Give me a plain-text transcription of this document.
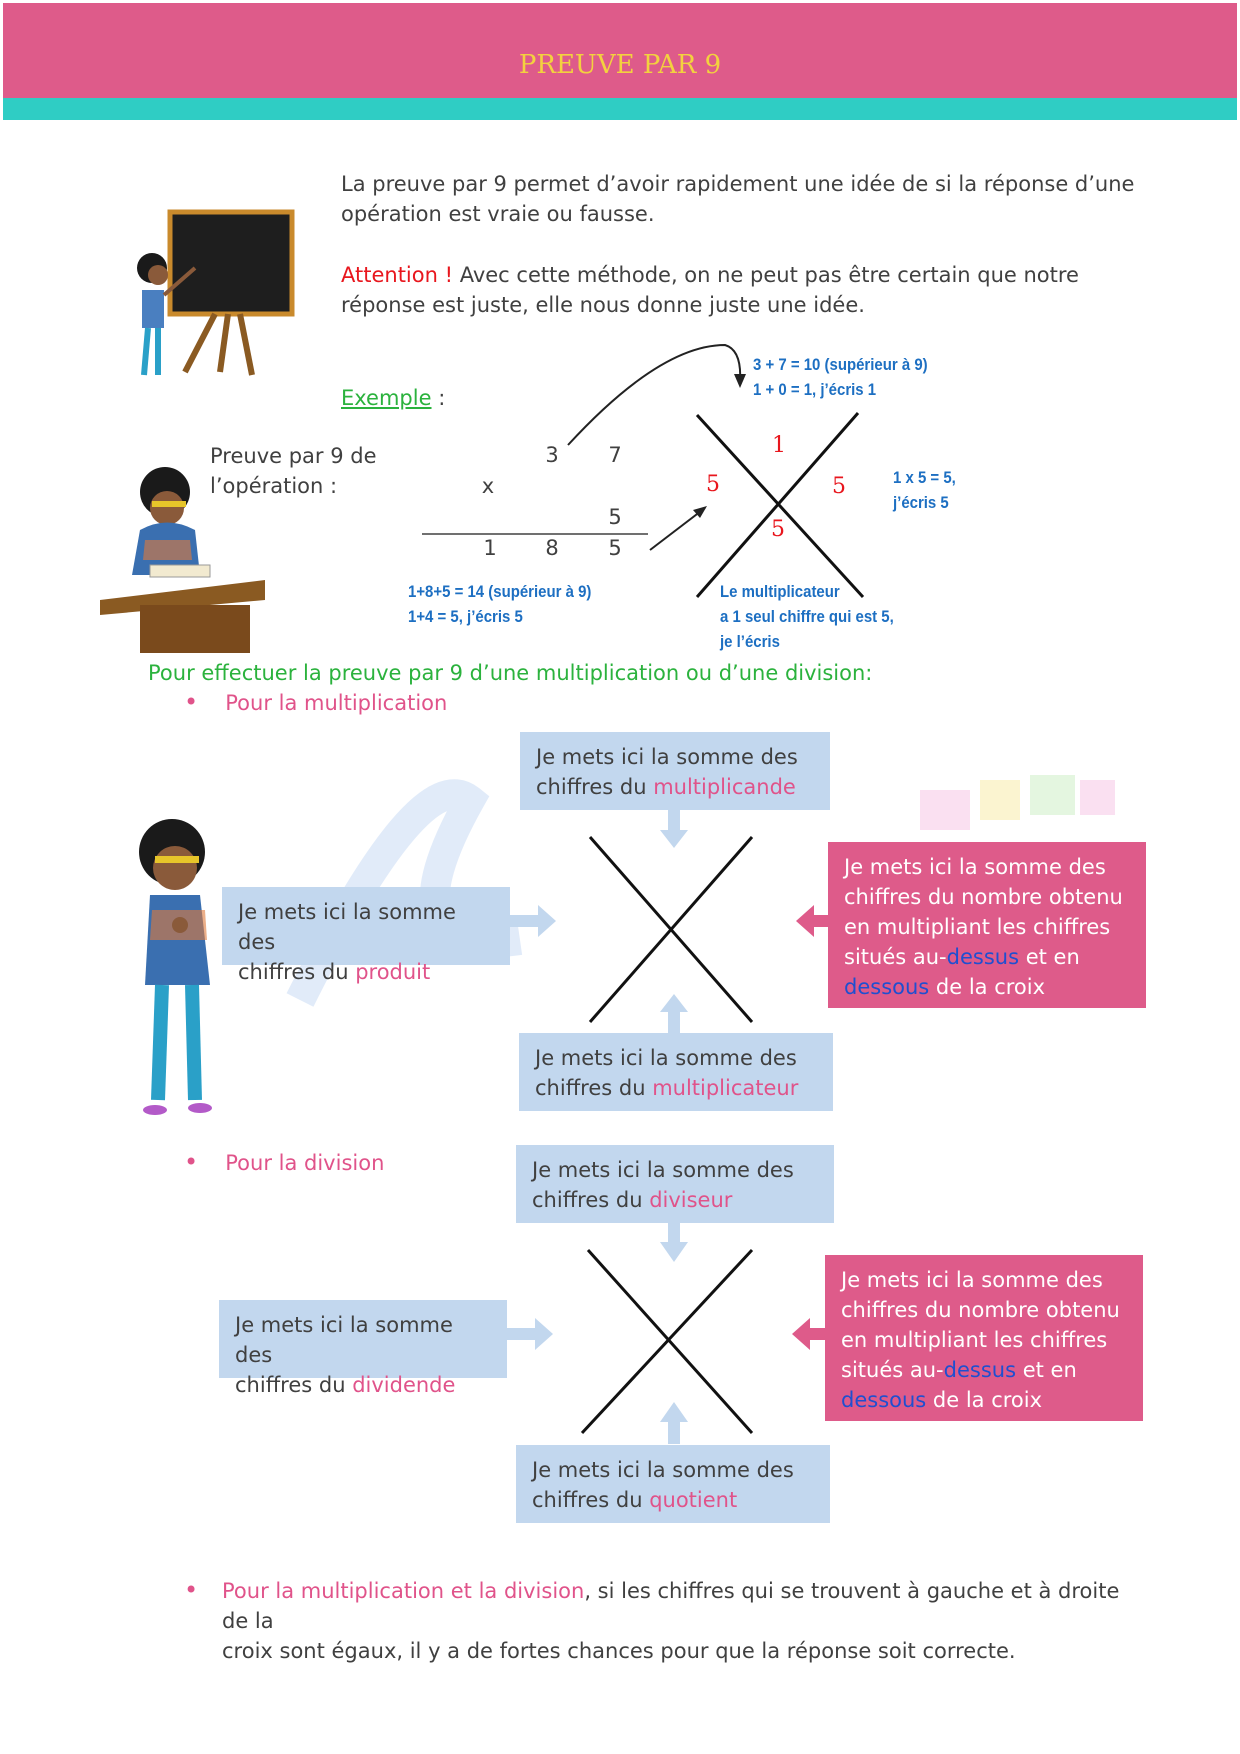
PREUVE PAR 9
La preuve par 9 permet d’avoir rapidement une idée de si la réponse d’une
opération est vraie ou fausse.
Attention ! Avec cette méthode, on ne peut pas être certain que notre
réponse est juste, elle nous donne juste une idée.
Exemple :
Preuve par 9 de
l’opération :
3	7
x
5
1	8	5
3 + 7 = 10 (supérieur à 9)
1 + 0 = 1, j’écris 1
1 x 5 = 5,
j’écris 5
1+8+5 = 14 (supérieur à 9)
1+4 = 5, j’écris 5
Le multiplicateur
a 1 seul chiffre qui est 5,
je l’écris
1
5	5
5
Pour effectuer la preuve par 9 d’une multiplication ou d’une division:
• Pour la multiplication
Je mets ici la somme des
chiffres du multiplicande
Je mets ici la somme des
chiffres du produit
Je mets ici la somme des
chiffres du multiplicateur
Je mets ici la somme des
chiffres du nombre obtenu
en multipliant les chiffres
situés au-dessus et en
dessous de la croix
• Pour la division	Je mets ici la somme des
chiffres du diviseur
Je mets ici la somme des
chiffres du dividende
Je mets ici la somme des
chiffres du quotient
Je mets ici la somme des
chiffres du nombre obtenu
en multipliant les chiffres
situés au-dessus et en
dessous de la croix
• Pour la multiplication et la division, si les chiffres qui se trouvent à gauche et à droite de la
croix sont égaux, il y a de fortes chances pour que la réponse soit correcte.
